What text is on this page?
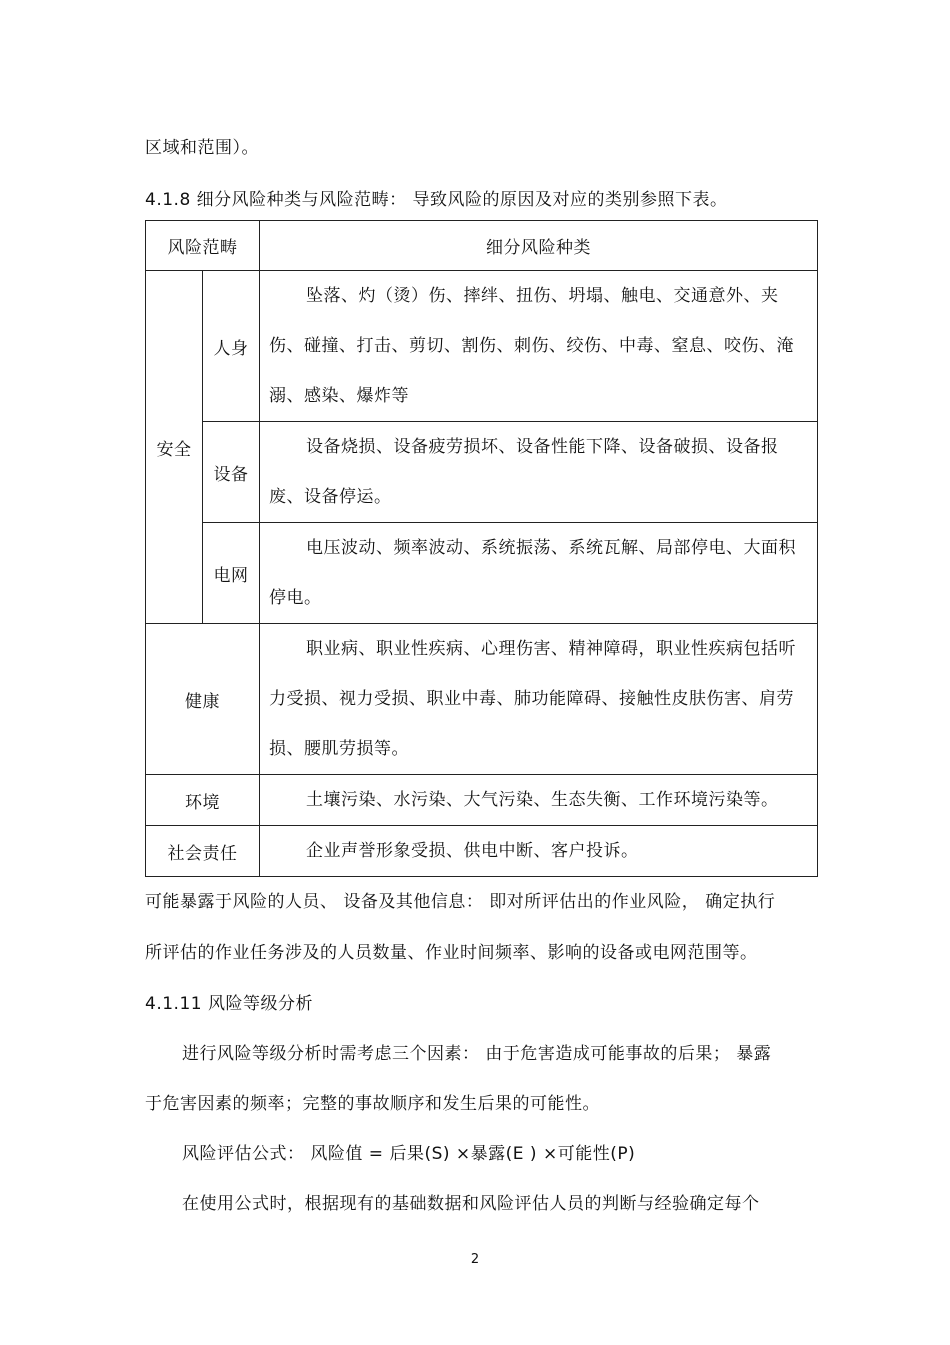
区域和范围）。
4.1.8 细分风险种类与风险范畴： 导致风险的原因及对应的类别参照下表。
风险范畴		细分风险种类
安全	人身	坠落、灼（烫）伤、摔绊、扭伤、坍塌、触电、交通意外、夹伤、碰撞、打击、剪切、割伤、刺伤、绞伤、中毒、窒息、咬伤、淹溺、感染、爆炸等
	设备	设备烧损、设备疲劳损坏、设备性能下降、设备破损、设备报废、设备停运。
	电网	电压波动、频率波动、系统振荡、系统瓦解、局部停电、大面积停电。
健康		职业病、职业性疾病、心理伤害、精神障碍，职业性疾病包括听力受损、视力受损、职业中毒、肺功能障碍、接触性皮肤伤害、肩劳损、腰肌劳损等。
环境		土壤污染、水污染、大气污染、生态失衡、工作环境污染等。
社会责任		企业声誉形象受损、供电中断、客户投诉。
可能暴露于风险的人员、 设备及其他信息： 即对所评估出的作业风险， 确定执行
所评估的作业任务涉及的人员数量、作业时间频率、影响的设备或电网范围等。
4.1.11 风险等级分析
进行风险等级分析时需考虑三个因素： 由于危害造成可能事故的后果； 暴露
于危害因素的频率；完整的事故顺序和发生后果的可能性。
风险评估公式： 风险值 = 后果(S) ×暴露(E ) ×可能性(P)
在使用公式时，根据现有的基础数据和风险评估人员的判断与经验确定每个
2
